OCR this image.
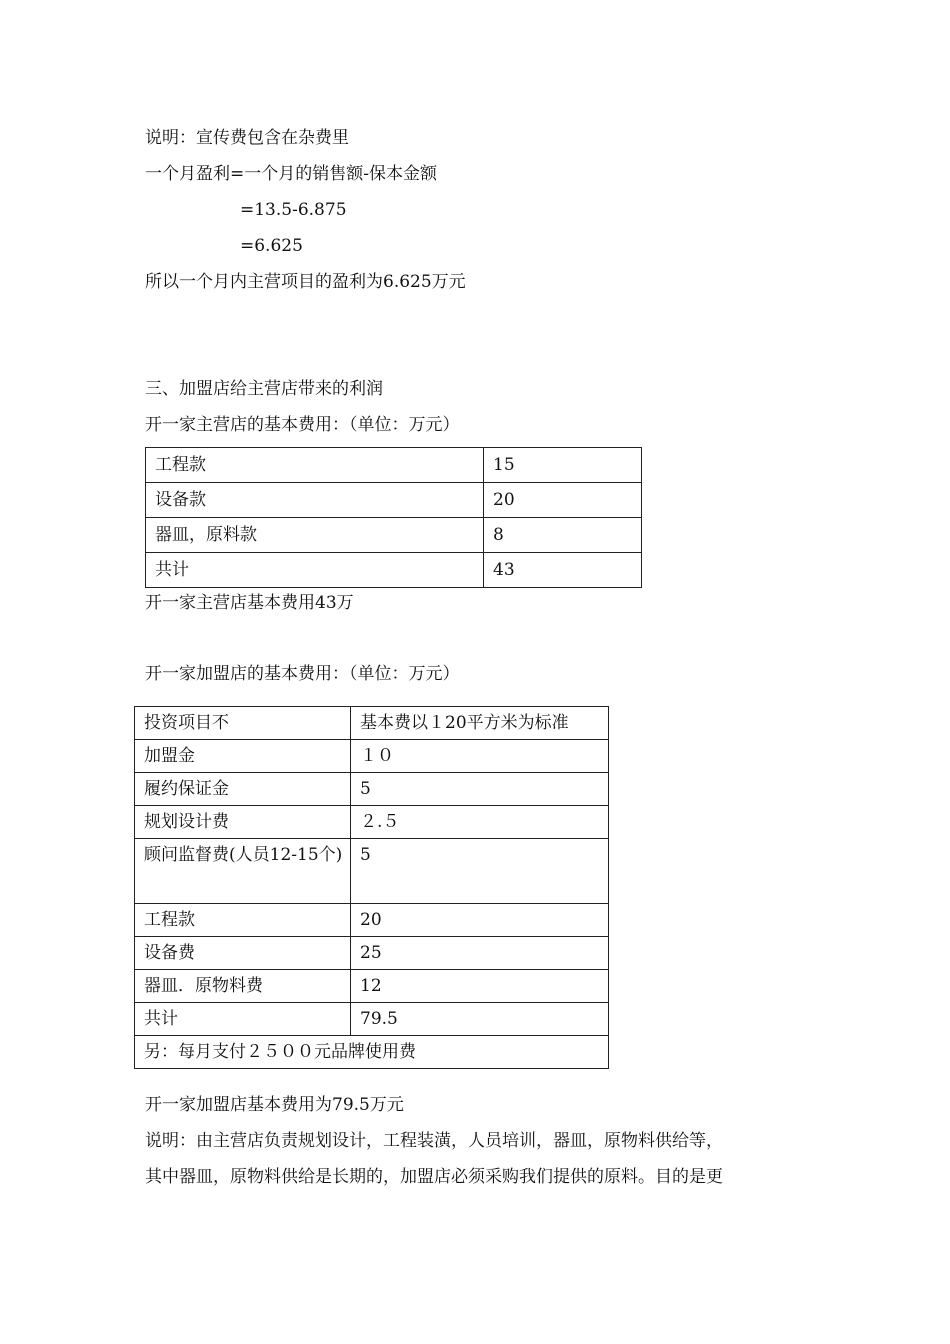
说明：宣传费包含在杂费里
一个月盈利=一个月的销售额-保本金额
=13.5-6.875
=6.625
所以一个月内主营项目的盈利为6.625万元
三、加盟店给主营店带来的利润
开一家主营店的基本费用：（单位：万元）
工程款	15
设备款	20
器皿，原料款	8
共计	43
开一家主营店基本费用43万
开一家加盟店的基本费用：（单位：万元）
投资项目不	基本费以１20平方米为标准
加盟金	１０
履约保证金	5
规划设计费	２.５
顾问监督费(人员12-15个)	5
工程款	20
设备费	25
器皿．原物料费	12
共计	79.5
另：每月支付２５００元品牌使用费	
开一家加盟店基本费用为79.5万元
说明：由主营店负责规划设计，工程装潢，人员培训，器皿，原物料供给等，
其中器皿，原物料供给是长期的，加盟店必须采购我们提供的原料。目的是更
